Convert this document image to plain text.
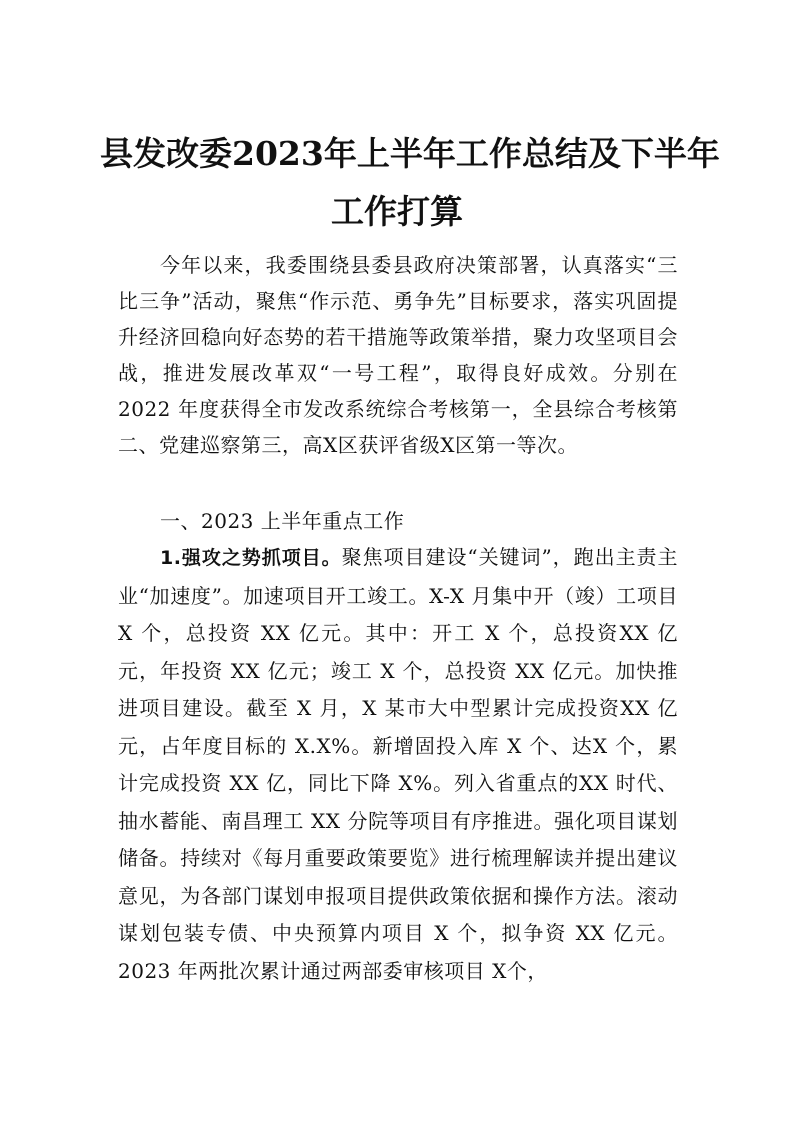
县发改委2023年上半年工作总结及下半年
工作打算

今年以来，我委围绕县委县政府决策部署，认真落实“三比三争”活动，聚焦“作示范、勇争先”目标要求，落实巩固提升经济回稳向好态势的若干措施等政策举措，聚力攻坚项目会战，推进发展改革双“一号工程”，取得良好成效。分别在 2022 年度获得全市发改系统综合考核第一，全县综合考核第二、党建巡察第三，高X区获评省级X区第一等次。

一、2023 上半年重点工作

1.强攻之势抓项目。聚焦项目建设“关键词”，跑出主责主业“加速度”。加速项目开工竣工。X-X 月集中开（竣）工项目 X 个，总投资 XX 亿元。其中：开工 X 个，总投资XX 亿元，年投资 XX 亿元；竣工 X 个，总投资 XX 亿元。加快推进项目建设。截至 X 月，X 某市大中型累计完成投资XX 亿元，占年度目标的 X.X%。新增固投入库 X 个、达X 个，累计完成投资 XX 亿，同比下降 X%。列入省重点的XX 时代、抽水蓄能、南昌理工 XX 分院等项目有序推进。强化项目谋划储备。持续对《每月重要政策要览》进行梳理解读并提出建议意见，为各部门谋划申报项目提供政策依据和操作方法。滚动谋划包装专债、中央预算内项目 X 个，拟争资 XX 亿元。2023 年两批次累计通过两部委审核项目 X个，
